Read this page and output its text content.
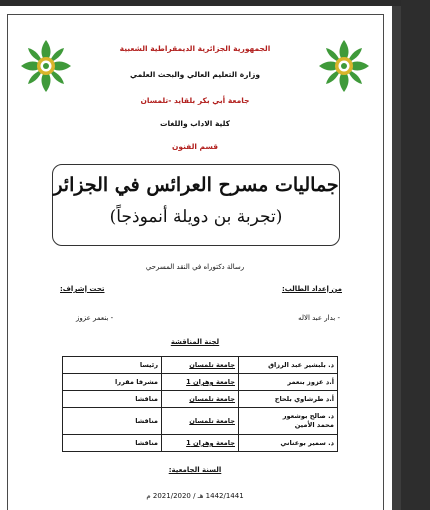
الجمهورية الجزائرية الديمقراطية الشعبية
وزارة التعليم العالي والبحث العلمي
جامعة أبي بكر بلقايد -تلمسان
كلية الاداب واللغات
قسم الفنون
جماليات مسرح العرائس في الجزائر
(تجربة بن دويلة أنموذجاً)
رسالة دكتوراه في النقد المسرحي
من إعداد الطالب:
تحت إشراف:
- بدار عبد الاله
- بنعمر عزوز
لجنة المناقشة
د. بلبشير عبد الرزاق	جامعة تلمسان	رئيسا
أ.د عزوز بنعمر	جامعة وهران 1	مشرفا مقررا
أ.د طرشاوي بلحاج	جامعة تلمسان	مناقشا

د. صالح بوشعور
محمد الأمين	جامعة تلمسان	مناقشا
د. سمير بوعناني	جامعة وهران 1	مناقشا
السنة الجامعية:
1442/1441 هـ / 2021/2020 م
